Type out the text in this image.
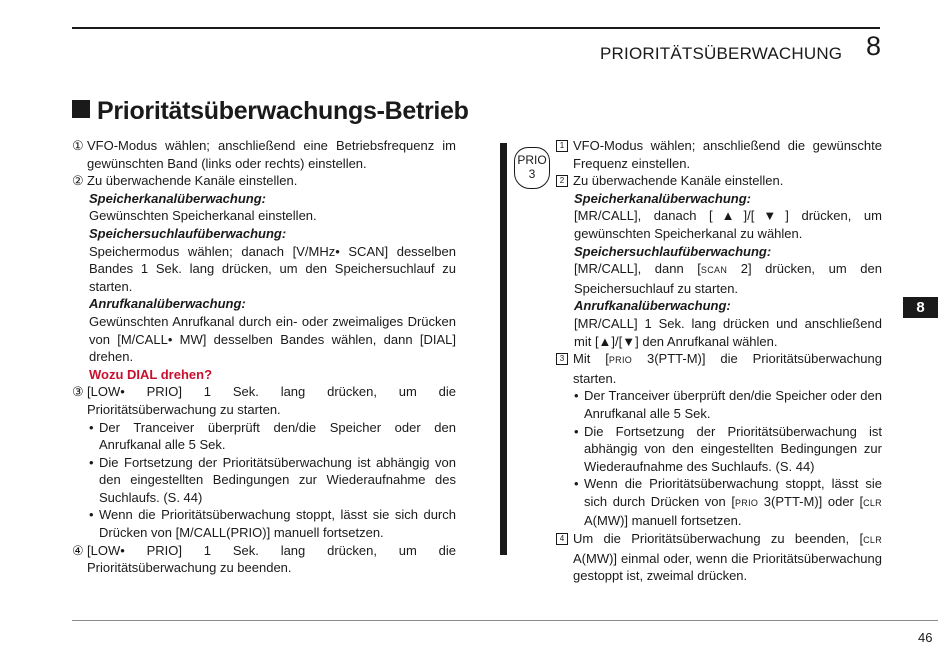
PRIORITÄTSÜBERWACHUNG 8
Prioritätsüberwachungs-Betrieb
① VFO-Modus wählen; anschließend eine Betriebsfrequenz im gewünschten Band (links oder rechts) einstellen.
② Zu überwachende Kanäle einstellen.
Speicherkanalüberwachung:
Gewünschten Speicherkanal einstellen.
Speichersuchlaufüberwachung:
Speichermodus wählen; danach [V/MHz• SCAN] desselben Bandes 1 Sek. lang drücken, um den Speichersuchlauf zu starten.
Anrufkanalüberwachung:
Gewünschten Anrufkanal durch ein- oder zweimaliges Drücken von [M/CALL• MW] desselben Bandes wählen, dann [DIAL] drehen.
Wozu DIAL drehen?
③ [LOW• PRIO] 1 Sek. lang drücken, um die Prioritätsüberwachung zu starten.
• Der Tranceiver überprüft den/die Speicher oder den Anrufkanal alle 5 Sek.
• Die Fortsetzung der Prioritätsüberwachung ist abhängig von den eingestellten Bedingungen zur Wiederaufnahme des Suchlaufs. (S. 44)
• Wenn die Prioritätsüberwachung stoppt, lässt sie sich durch Drücken von [M/CALL(PRIO)] manuell fortsetzen.
④ [LOW• PRIO] 1 Sek. lang drücken, um die Prioritätsüberwachung zu beenden.
PRIO
3
1 VFO-Modus wählen; anschließend die gewünschte Frequenz einstellen.
2 Zu überwachende Kanäle einstellen.
Speicherkanalüberwachung:
[MR/CALL], danach [▲]/[▼] drücken, um gewünschten Speicherkanal zu wählen.
Speichersuchlaufüberwachung:
[MR/CALL], dann [SCAN 2] drücken, um den Speichersuchlauf zu starten.
Anrufkanalüberwachung:
[MR/CALL] 1 Sek. lang drücken und anschließend mit [▲]/[▼] den Anrufkanal wählen.
3 Mit [PRIO 3(PTT-M)] die Prioritätsüberwachung starten.
• Der Tranceiver überprüft den/die Speicher oder den Anrufkanal alle 5 Sek.
• Die Fortsetzung der Prioritätsüberwachung ist abhängig von den eingestellten Bedingungen zur Wiederaufnahme des Suchlaufs. (S. 44)
• Wenn die Prioritätsüberwachung stoppt, lässt sie sich durch Drücken von [PRIO 3(PTT-M)] oder [CLR A(MW)] manuell fortsetzen.
4 Um die Prioritätsüberwachung zu beenden, [CLR A(MW)] einmal oder, wenn die Prioritätsüberwachung gestoppt ist, zweimal drücken.
8
46
